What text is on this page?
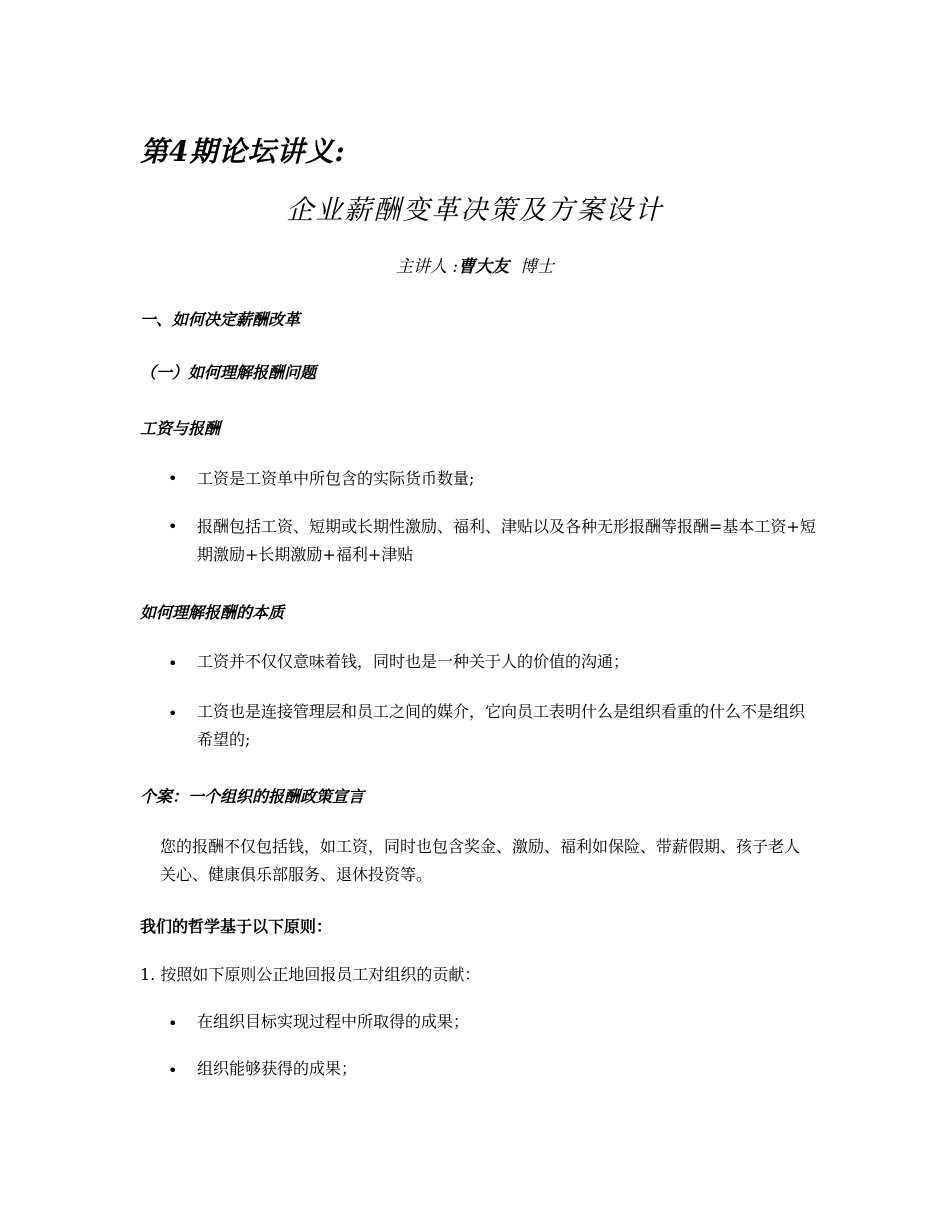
第4期论坛讲义:
企业薪酬变革决策及方案设计
主讲人 :曹大友 博士
一、如何决定薪酬改革
（一）如何理解报酬问题
工资与报酬
• 工资是工资单中所包含的实际货币数量;
• 报酬包括工资、短期或长期性激励、福利、津贴以及各种无形报酬等报酬=基本工资+短期激励+长期激励+福利+津贴
如何理解报酬的本质
• 工资并不仅仅意味着钱，同时也是一种关于人的价值的沟通；
• 工资也是连接管理层和员工之间的媒介，它向员工表明什么是组织看重的什么不是组织希望的;
个案：一个组织的报酬政策宣言
您的报酬不仅包括钱，如工资，同时也包含奖金、激励、福利如保险、带薪假期、孩子老人关心、健康俱乐部服务、退休投资等。
我们的哲学基于以下原则：
1. 按照如下原则公正地回报员工对组织的贡献：
• 在组织目标实现过程中所取得的成果；
• 组织能够获得的成果；
